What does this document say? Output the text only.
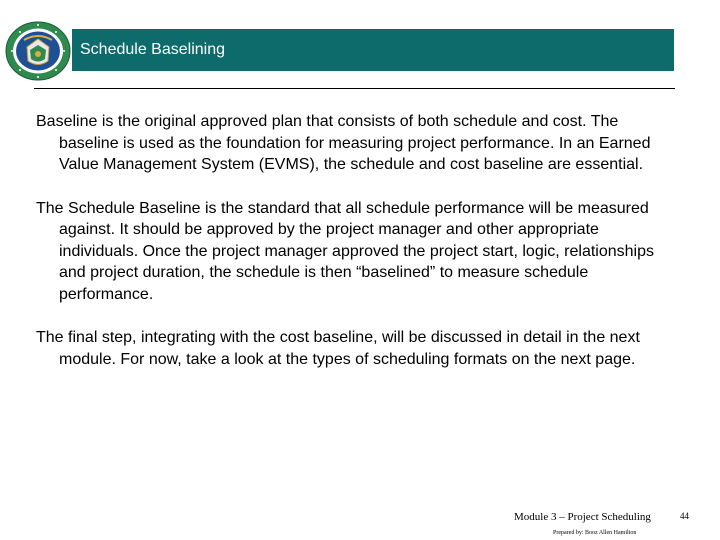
Schedule Baselining

Baseline is the original approved plan that consists of both schedule and cost. The baseline is used as the foundation for measuring project performance. In an Earned Value Management System (EVMS), the schedule and cost baseline are essential.

The Schedule Baseline is the standard that all schedule performance will be measured against. It should be approved by the project manager and other appropriate individuals. Once the project manager approved the project start, logic, relationships and project duration, the schedule is then “baselined” to measure schedule performance.

The final step, integrating with the cost baseline, will be discussed in detail in the next module. For now, take a look at the types of scheduling formats on the next page.

Module 3 – Project Scheduling	44
Prepared by: Booz Allen Hamilton
